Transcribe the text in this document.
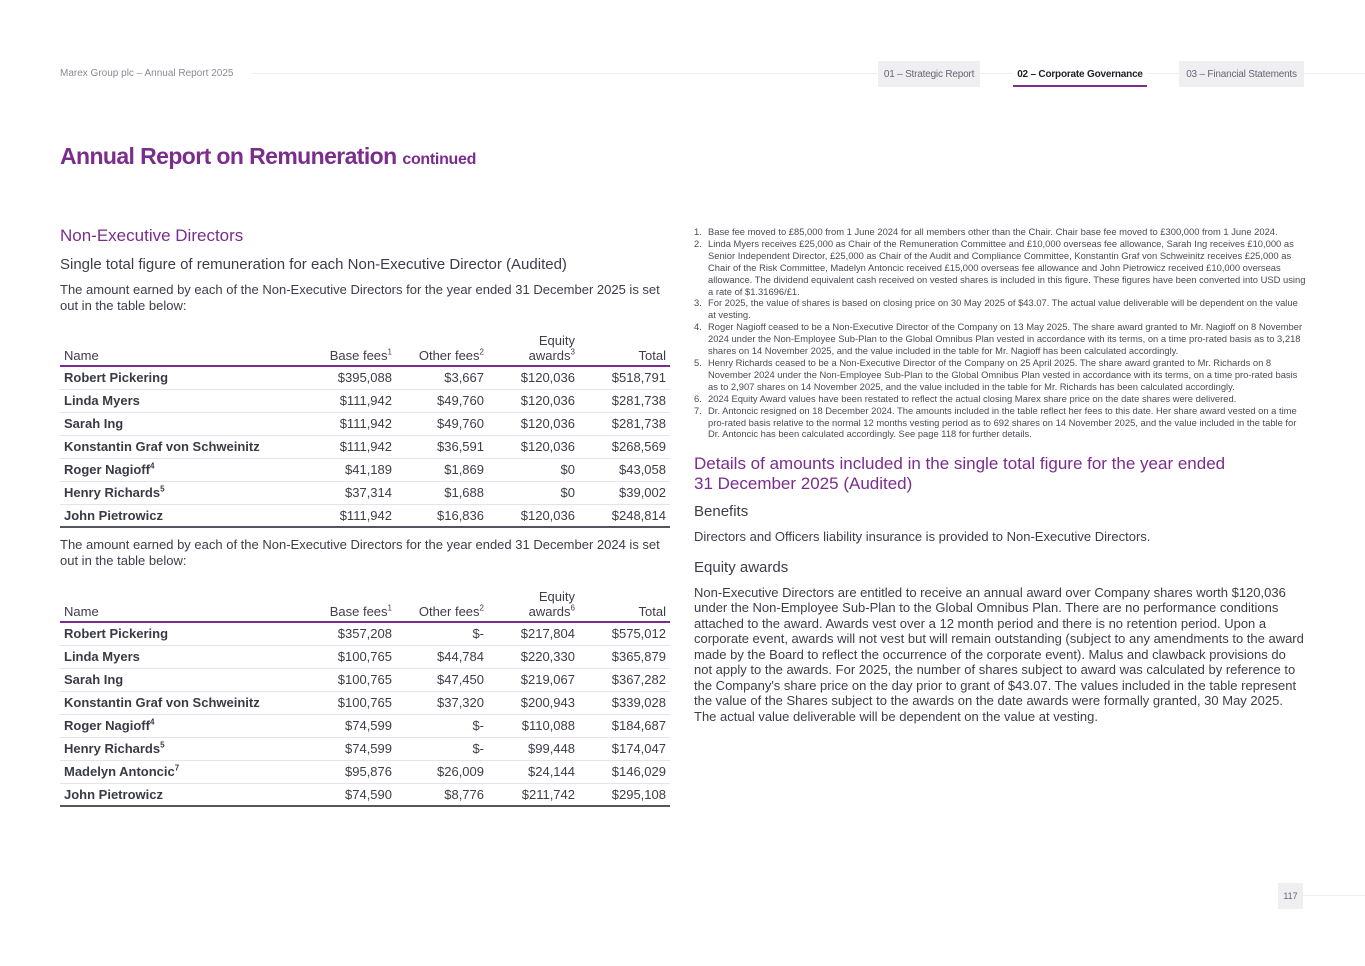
Marex Group plc – Annual Report 2025	01 – Strategic Report	02 – Corporate Governance	03 – Financial Statements
Annual Report on Remuneration continued
Non-Executive Directors
Single total figure of remuneration for each Non-Executive Director (Audited)

The amount earned by each of the Non-Executive Directors for the year ended 31 December 2025 is set out in the table below:

Name	Base fees$^1$	Other fees$^2$	Equity
awards$^3$	Total
Robert Pickering	$395,088	$3,667	$120,036	$518,791
Linda Myers	$111,942	$49,760	$120,036	$281,738
Sarah Ing	$111,942	$49,760	$120,036	$281,738
Konstantin Graf von Schweinitz	$111,942	$36,591	$120,036	$268,569
Roger Nagioff$^4$	$41,189	$1,869	$0	$43,058
Henry Richards$^5$	$37,314	$1,688	$0	$39,002
John Pietrowicz	$111,942	$16,836	$120,036	$248,814

The amount earned by each of the Non-Executive Directors for the year ended 31 December 2024 is set out in the table below:

Name	Base fees$^1$	Other fees$^2$	Equity
awards$^6$	Total
Robert Pickering	$357,208	$-	$217,804	$575,012
Linda Myers	$100,765	$44,784	$220,330	$365,879
Sarah Ing	$100,765	$47,450	$219,067	$367,282
Konstantin Graf von Schweinitz	$100,765	$37,320	$200,943	$339,028
Roger Nagioff$^4$	$74,599	$-	$110,088	$184,687
Henry Richards$^5$	$74,599	$-	$99,448	$174,047
Madelyn Antoncic$^7$	$95,876	$26,009	$24,144	$146,029
John Pietrowicz	$74,590	$8,776	$211,742	$295,108
1. Base fee moved to £85,000 from 1 June 2024 for all members other than the Chair. Chair base fee moved to £300,000 from 1 June 2024.
2. Linda Myers receives £25,000 as Chair of the Remuneration Committee and £10,000 overseas fee allowance, Sarah Ing receives £10,000 as Senior Independent Director, £25,000 as Chair of the Audit and Compliance Committee, Konstantin Graf von Schweinitz receives £25,000 as Chair of the Risk Committee, Madelyn Antoncic received £15,000 overseas fee allowance and John Pietrowicz received £10,000 overseas allowance. The dividend equivalent cash received on vested shares is included in this figure. These figures have been converted into USD using a rate of $1.31696/£1.
3. For 2025, the value of shares is based on closing price on 30 May 2025 of $43.07. The actual value deliverable will be dependent on the value at vesting.
4. Roger Nagioff ceased to be a Non-Executive Director of the Company on 13 May 2025. The share award granted to Mr. Nagioff on 8 November 2024 under the Non-Employee Sub-Plan to the Global Omnibus Plan vested in accordance with its terms, on a time pro-rated basis as to 3,218 shares on 14 November 2025, and the value included in the table for Mr. Nagioff has been calculated accordingly.
5. Henry Richards ceased to be a Non-Executive Director of the Company on 25 April 2025. The share award granted to Mr. Richards on 8 November 2024 under the Non-Employee Sub-Plan to the Global Omnibus Plan vested in accordance with its terms, on a time pro-rated basis as to 2,907 shares on 14 November 2025, and the value included in the table for Mr. Richards has been calculated accordingly.
6. 2024 Equity Award values have been restated to reflect the actual closing Marex share price on the date shares were delivered.
7. Dr. Antoncic resigned on 18 December 2024. The amounts included in the table reflect her fees to this date. Her share award vested on a time pro-rated basis relative to the normal 12 months vesting period as to 692 shares on 14 November 2025, and the value included in the table for Dr. Antoncic has been calculated accordingly. See page 118 for further details.
Details of amounts included in the single total figure for the year ended
31 December 2025 (Audited)
Benefits

Directors and Officers liability insurance is provided to Non-Executive Directors.

Equity awards

Non-Executive Directors are entitled to receive an annual award over Company shares worth $120,036 under the Non-Employee Sub-Plan to the Global Omnibus Plan. There are no performance conditions attached to the award. Awards vest over a 12 month period and there is no retention period. Upon a corporate event, awards will not vest but will remain outstanding (subject to any amendments to the award made by the Board to reflect the occurrence of the corporate event). Malus and clawback provisions do not apply to the awards. For 2025, the number of shares subject to award was calculated by reference to the Company's share price on the day prior to grant of $43.07. The values included in the table represent the value of the Shares subject to the awards on the date awards were formally granted, 30 May 2025. The actual value deliverable will be dependent on the value at vesting.

117
